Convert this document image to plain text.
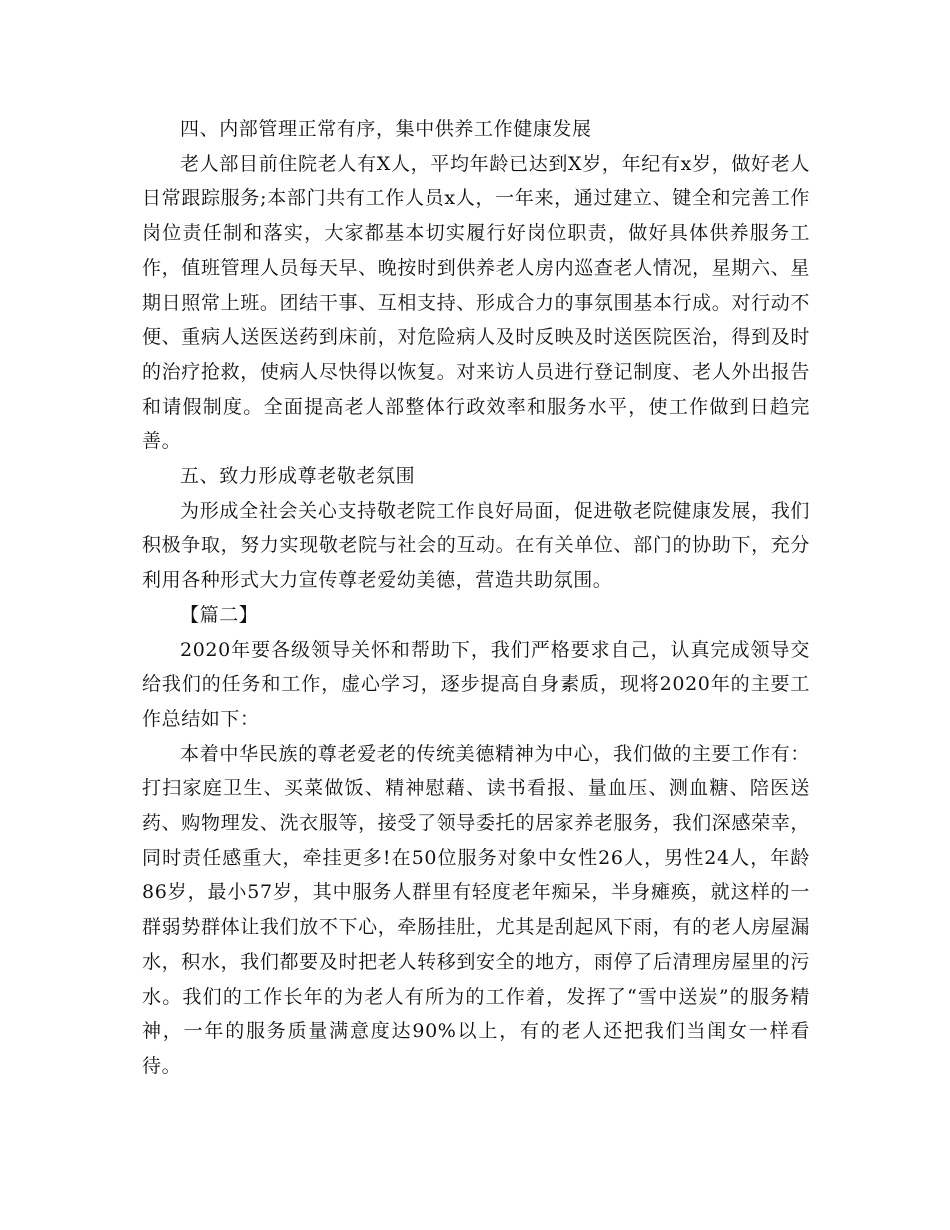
四、内部管理正常有序，集中供养工作健康发展

老人部目前住院老人有X人，平均年龄已达到X岁，年纪有x岁，做好老人日常跟踪服务;本部门共有工作人员x人，一年来，通过建立、键全和完善工作岗位责任制和落实，大家都基本切实履行好岗位职责，做好具体供养服务工作，值班管理人员每天早、晚按时到供养老人房内巡查老人情况，星期六、星期日照常上班。团结干事、互相支持、形成合力的事氛围基本行成。对行动不便、重病人送医送药到床前，对危险病人及时反映及时送医院医治，得到及时的治疗抢救，使病人尽快得以恢复。对来访人员进行登记制度、老人外出报告和请假制度。全面提高老人部整体行政效率和服务水平，使工作做到日趋完善。

五、致力形成尊老敬老氛围

为形成全社会关心支持敬老院工作良好局面，促进敬老院健康发展，我们积极争取，努力实现敬老院与社会的互动。在有关单位、部门的协助下，充分利用各种形式大力宣传尊老爱幼美德，营造共助氛围。

【篇二】

2020年要各级领导关怀和帮助下，我们严格要求自己，认真完成领导交给我们的任务和工作，虚心学习，逐步提高自身素质，现将2020年的主要工作总结如下：

本着中华民族的尊老爱老的传统美德精神为中心，我们做的主要工作有：打扫家庭卫生、买菜做饭、精神慰藉、读书看报、量血压、测血糖、陪医送药、购物理发、洗衣服等，接受了领导委托的居家养老服务，我们深感荣幸，同时责任感重大，牵挂更多!在50位服务对象中女性26人，男性24人，年龄86岁，最小57岁，其中服务人群里有轻度老年痴呆，半身瘫痪，就这样的一群弱势群体让我们放不下心，牵肠挂肚，尤其是刮起风下雨，有的老人房屋漏水，积水，我们都要及时把老人转移到安全的地方，雨停了后清理房屋里的污水。我们的工作长年的为老人有所为的工作着，发挥了“雪中送炭”的服务精神，一年的服务质量满意度达90%以上，有的老人还把我们当闺女一样看待。
